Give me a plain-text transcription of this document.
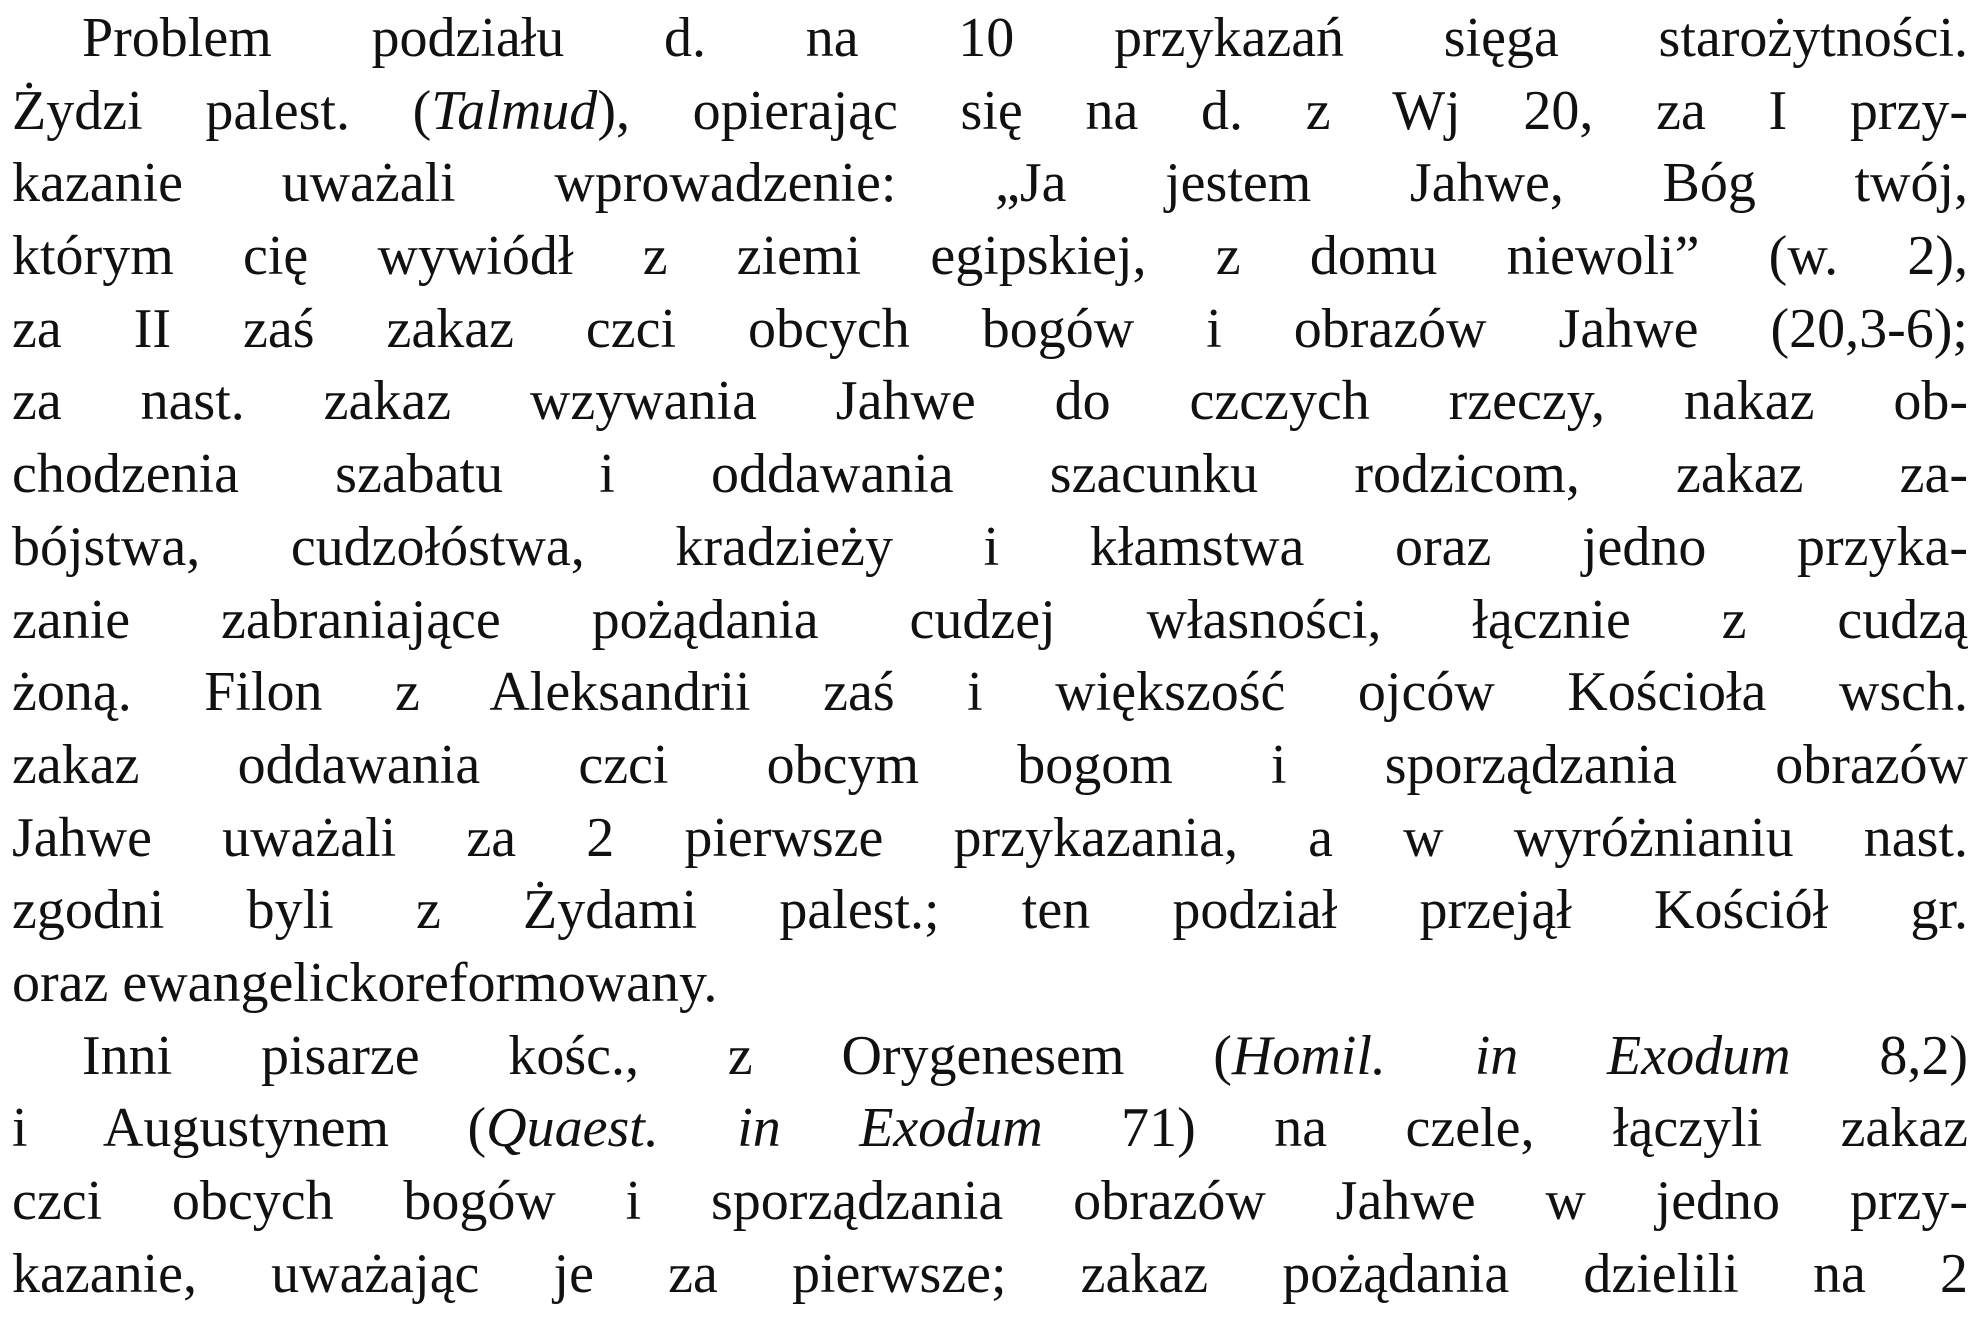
Problem podziału d. na 10 przykazań sięga starożytności.
Żydzi palest. (Talmud), opierając się na d. z Wj 20, za I przy-
kazanie uważali wprowadzenie: „Ja jestem Jahwe, Bóg twój,
którym cię wywiódł z ziemi egipskiej, z domu niewoli” (w. 2),
za II zaś zakaz czci obcych bogów i obrazów Jahwe (20,3-6);
za nast. zakaz wzywania Jahwe do czczych rzeczy, nakaz ob-
chodzenia szabatu i oddawania szacunku rodzicom, zakaz za-
bójstwa, cudzołóstwa, kradzieży i kłamstwa oraz jedno przyka-
zanie zabraniające pożądania cudzej własności, łącznie z cudzą
żoną. Filon z Aleksandrii zaś i większość ojców Kościoła wsch.
zakaz oddawania czci obcym bogom i sporządzania obrazów
Jahwe uważali za 2 pierwsze przykazania, a w wyróżnianiu nast.
zgodni byli z Żydami palest.; ten podział przejął Kościół gr.
oraz ewangelickoreformowany.
Inni pisarze kośc., z Orygenesem (Homil. in Exodum 8,2)
i Augustynem (Quaest. in Exodum 71) na czele, łączyli zakaz
czci obcych bogów i sporządzania obrazów Jahwe w jedno przy-
kazanie, uważając je za pierwsze; zakaz pożądania dzielili na 2
